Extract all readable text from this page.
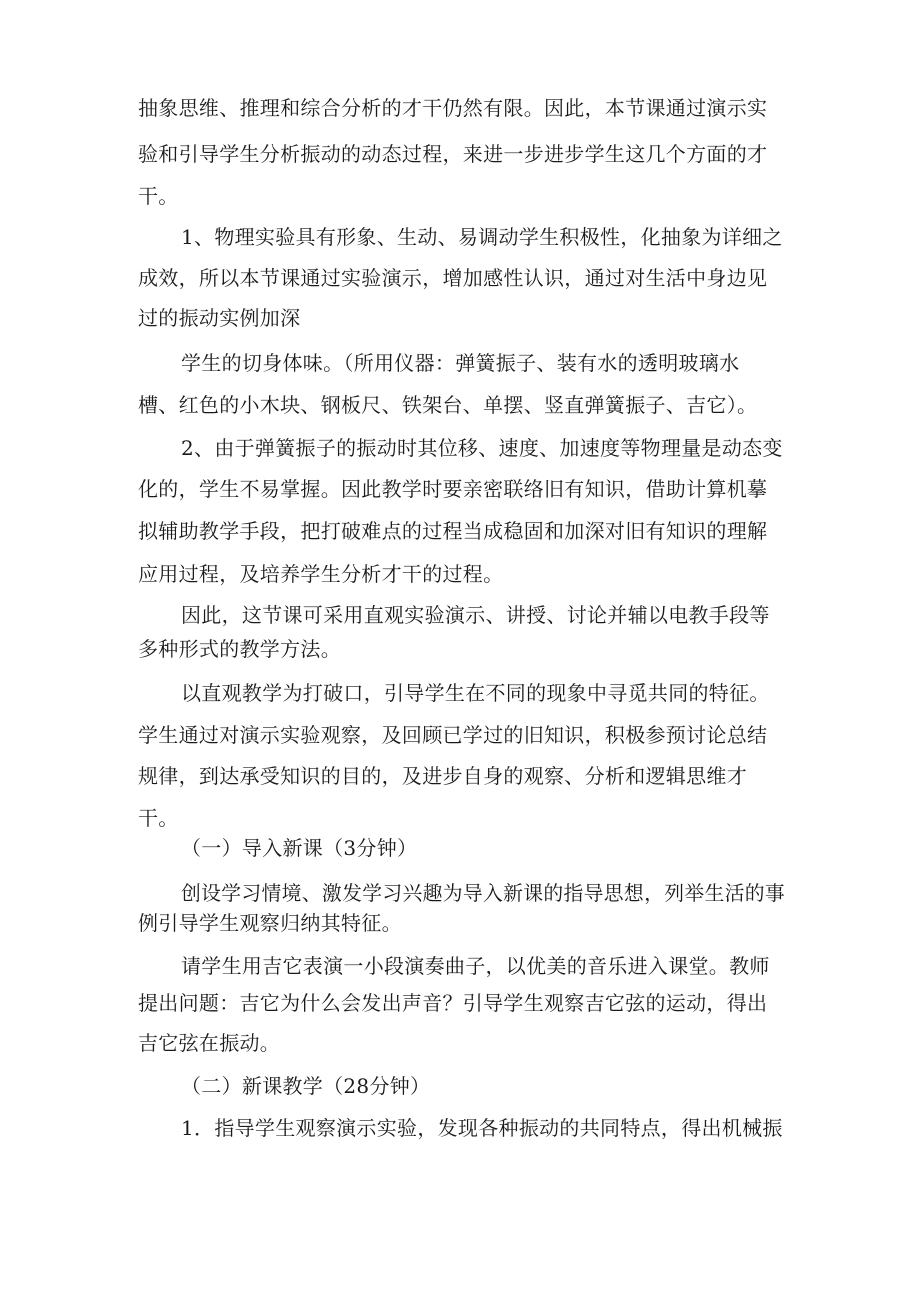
抽象思维、推理和综合分析的才干仍然有限。因此，本节课通过演示实
验和引导学生分析振动的动态过程，来进一步进步学生这几个方面的才
干。
1、物理实验具有形象、生动、易调动学生积极性，化抽象为详细之
成效，所以本节课通过实验演示，增加感性认识，通过对生活中身边见
过的振动实例加深
学生的切身体味。（所用仪器：弹簧振子、装有水的透明玻璃水
槽、红色的小木块、钢板尺、铁架台、单摆、竖直弹簧振子、吉它）。
2、由于弹簧振子的振动时其位移、速度、加速度等物理量是动态变
化的，学生不易掌握。因此教学时要亲密联络旧有知识，借助计算机摹
拟辅助教学手段，把打破难点的过程当成稳固和加深对旧有知识的理解
应用过程，及培养学生分析才干的过程。
因此，这节课可采用直观实验演示、讲授、讨论并辅以电教手段等
多种形式的教学方法。
以直观教学为打破口，引导学生在不同的现象中寻觅共同的特征。
学生通过对演示实验观察，及回顾已学过的旧知识，积极参预讨论总结
规律，到达承受知识的目的，及进步自身的观察、分析和逻辑思维才
干。
（一）导入新课（3分钟）
创设学习情境、激发学习兴趣为导入新课的指导思想，列举生活的事
例引导学生观察归纳其特征。
请学生用吉它表演一小段演奏曲子，以优美的音乐进入课堂。教师
提出问题：吉它为什么会发出声音？引导学生观察吉它弦的运动，得出
吉它弦在振动。
（二）新课教学（28分钟）
1．指导学生观察演示实验，发现各种振动的共同特点，得出机械振
